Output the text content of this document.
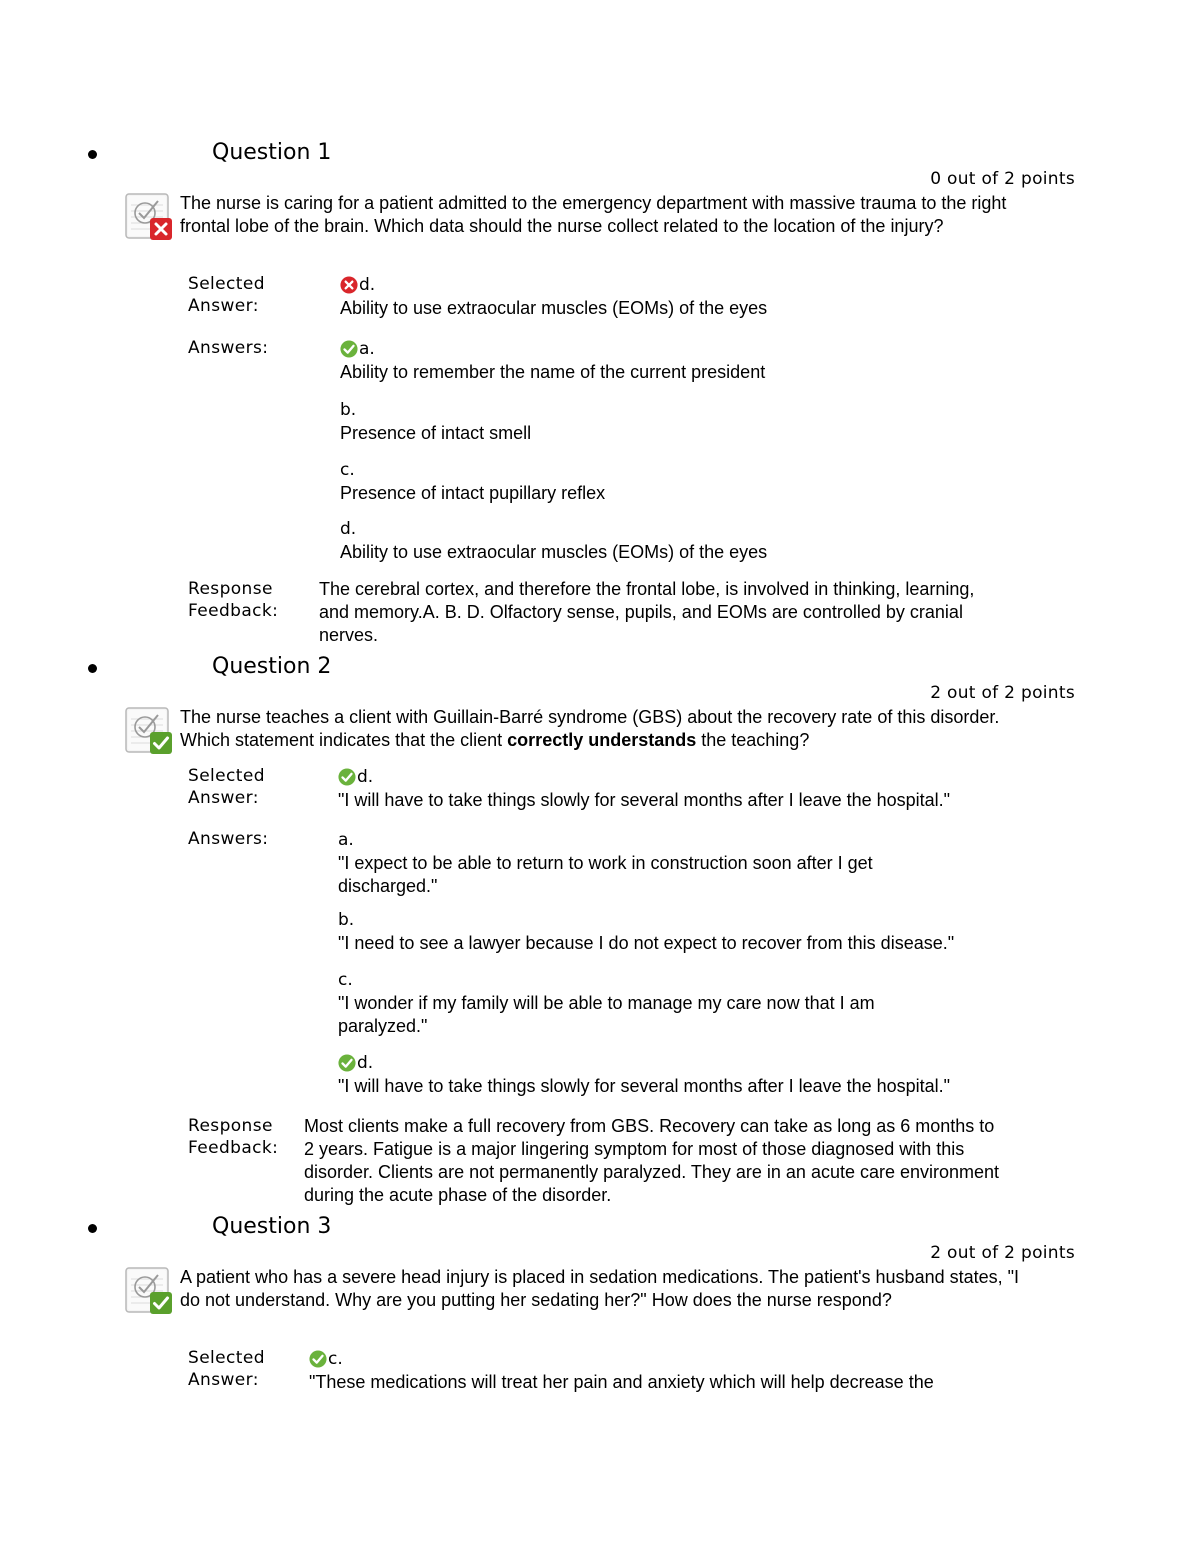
Question 1
0 out of 2 points
The nurse is caring for a patient admitted to the emergency department with massive trauma to the right frontal lobe of the brain. Which data should the nurse collect related to the location of the injury?
Selected Answer:
d.
Ability to use extraocular muscles (EOMs) of the eyes
Answers:	a.
Ability to remember the name of the current president
b.
Presence of intact smell
c.
Presence of intact pupillary reflex
d.
Ability to use extraocular muscles (EOMs) of the eyes
Response Feedback:
The cerebral cortex, and therefore the frontal lobe, is involved in thinking, learning, and memory.A. B. D. Olfactory sense, pupils, and EOMs are controlled by cranial nerves.
Question 2
2 out of 2 points
The nurse teaches a client with Guillain-Barré syndrome (GBS) about the recovery rate of this disorder. Which statement indicates that the client correctly understands the teaching?
Selected Answer:
d.
"I will have to take things slowly for several months after I leave the hospital."
Answers:	a.
"I expect to be able to return to work in construction soon after I get discharged."
b.
"I need to see a lawyer because I do not expect to recover from this disease."
c.
"I wonder if my family will be able to manage my care now that I am paralyzed."
d.
"I will have to take things slowly for several months after I leave the hospital."
Response Feedback:
Most clients make a full recovery from GBS. Recovery can take as long as 6 months to 2 years. Fatigue is a major lingering symptom for most of those diagnosed with this disorder. Clients are not permanently paralyzed. They are in an acute care environment during the acute phase of the disorder.
Question 3
2 out of 2 points
A patient who has a severe head injury is placed in sedation medications. The patient's husband states, "I do not understand. Why are you putting her sedating her?" How does the nurse respond?
Selected Answer:
c.
"These medications will treat her pain and anxiety which will help decrease the
